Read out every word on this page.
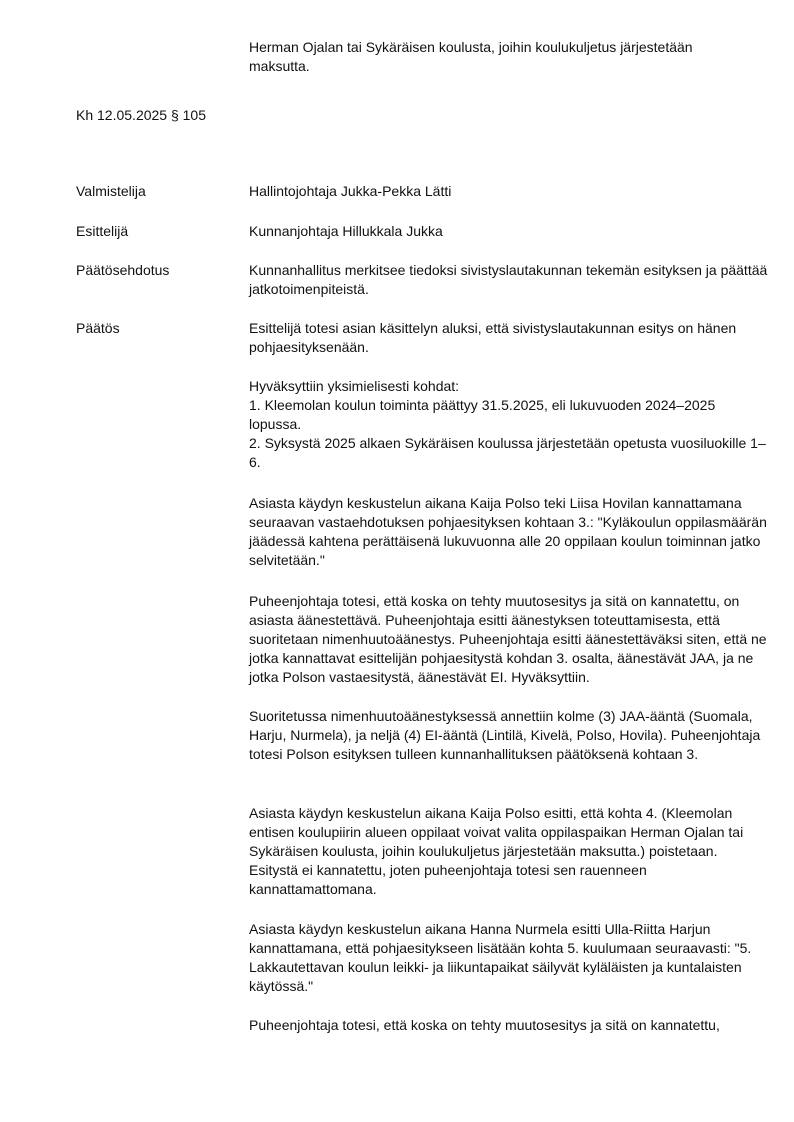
Herman Ojalan tai Sykäräisen koulusta, joihin koulukuljetus järjestetään maksutta.
Kh 12.05.2025 § 105
Valmistelija	Hallintojohtaja Jukka-Pekka Lätti
Esittelijä	Kunnanjohtaja Hillukkala Jukka
Päätösehdotus	Kunnanhallitus merkitsee tiedoksi sivistyslautakunnan tekemän esityksen ja päättää jatkotoimenpiteistä.
Päätös	Esittelijä totesi asian käsittelyn aluksi, että sivistyslautakunnan esitys on hänen pohjaesityksenään.

Hyväksyttiin yksimielisesti kohdat:

1. Kleemolan koulun toiminta päättyy 31.5.2025, eli lukuvuoden 2024–2025 lopussa.

2. Syksystä 2025 alkaen Sykäräisen koulussa järjestetään opetusta vuosiluokille 1–6.

Asiasta käydyn keskustelun aikana Kaija Polso teki Liisa Hovilan kannattamana seuraavan vastaehdotuksen pohjaesityksen kohtaan 3.: "Kyläkoulun oppilasmäärän jäädessä kahtena perättäisenä lukuvuonna alle 20 oppilaan koulun toiminnan jatko selvitetään."
Puheenjohtaja totesi, että koska on tehty muutosesitys ja sitä on kannatettu, on asiasta äänestettävä. Puheenjohtaja esitti äänestyksen toteuttamisesta, että suoritetaan nimenhuutoäänestys. Puheenjohtaja esitti äänestettäväksi siten, että ne jotka kannattavat esittelijän pohjaesitystä kohdan 3. osalta, äänestävät JAA, ja ne jotka Polson vastaesitystä, äänestävät EI. Hyväksyttiin.
Suoritetussa nimenhuutoäänestyksessä annettiin kolme (3) JAA-ääntä (Suomala, Harju, Nurmela), ja neljä (4) EI-ääntä (Lintilä, Kivelä, Polso, Hovila). Puheenjohtaja totesi Polson esityksen tulleen kunnanhallituksen päätöksenä kohtaan 3.
Asiasta käydyn keskustelun aikana Kaija Polso esitti, että kohta 4. (Kleemolan entisen koulupiirin alueen oppilaat voivat valita oppilaspaikan Herman Ojalan tai Sykäräisen koulusta, joihin koulukuljetus järjestetään maksutta.) poistetaan. Esitystä ei kannatettu, joten puheenjohtaja totesi sen rauenneen kannattamattomana.
Asiasta käydyn keskustelun aikana Hanna Nurmela esitti Ulla-Riitta Harjun kannattamana, että pohjaesitykseen lisätään kohta 5. kuulumaan seuraavasti: "5. Lakkautettavan koulun leikki- ja liikuntapaikat säilyvät kyläläisten ja kuntalaisten käytössä."
Puheenjohtaja totesi, että koska on tehty muutosesitys ja sitä on kannatettu,
